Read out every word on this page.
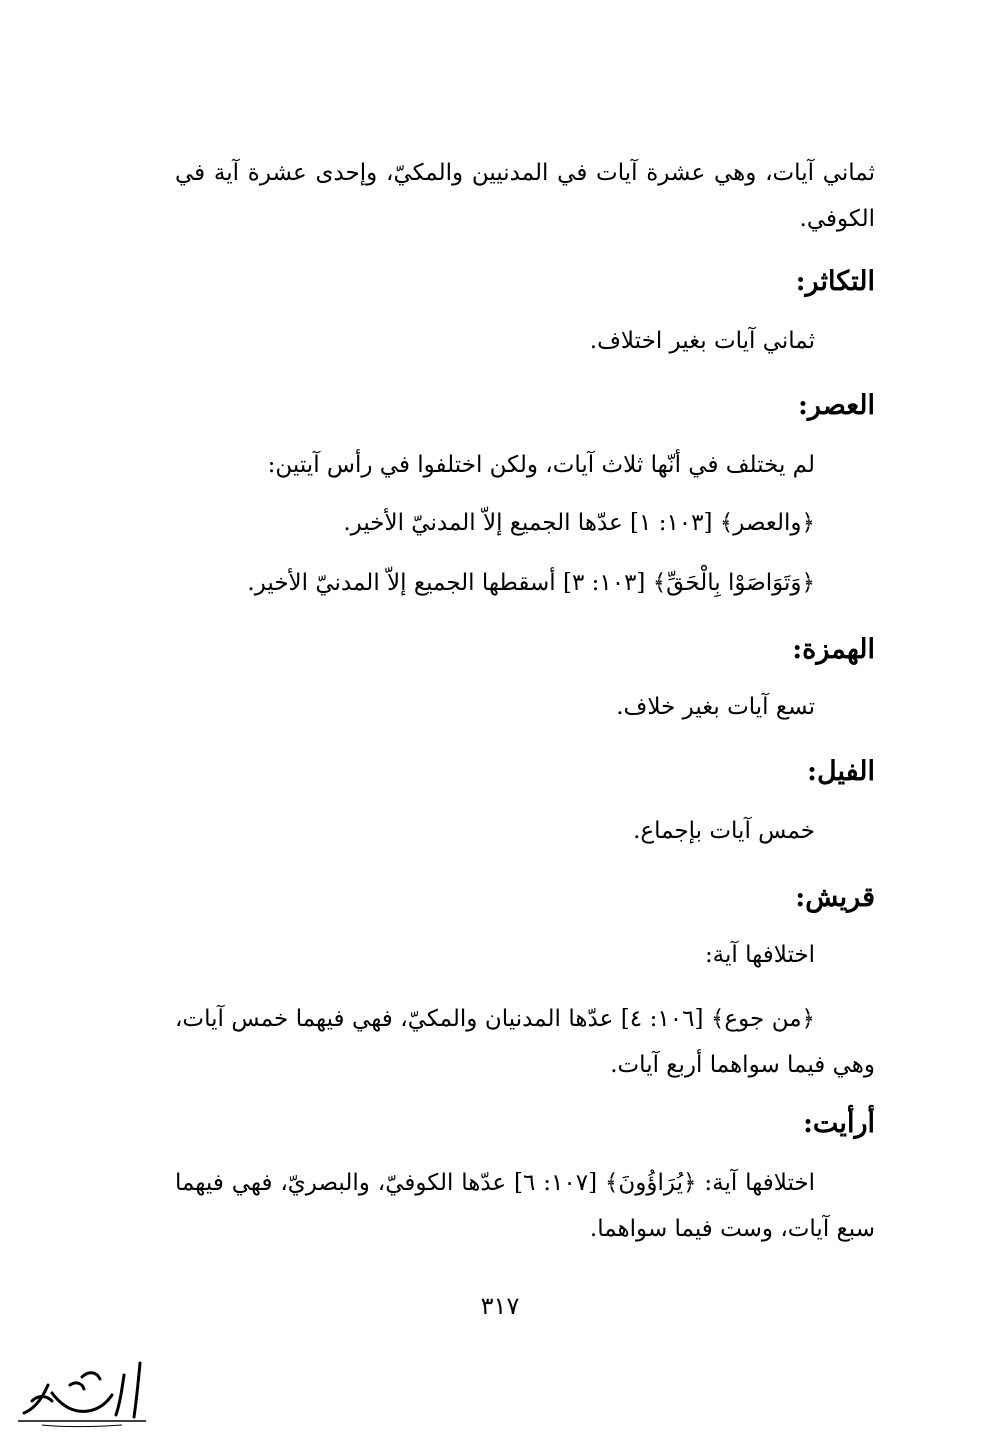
ثماني آيات، وهي عشرة آيات في المدنيين والمكيّ، وإحدى عشرة آية في الكوفي.

التكاثر:

ثماني آيات بغير اختلاف.

العصر:

لم يختلف في أنّها ثلاث آيات، ولكن اختلفوا في رأس آيتين:

﴿والعصر﴾ [١٠٣: ١] عدّها الجميع إلاّ المدنيّ الأخير.

﴿وَتَوَاصَوْا بِالْحَقِّ﴾ [١٠٣: ٣] أسقطها الجميع إلاّ المدنيّ الأخير.

الهمزة:

تسع آيات بغير خلاف.

الفيل:

خمس آيات بإجماع.

قريش:

اختلافها آية:

﴿من جوع﴾ [١٠٦: ٤] عدّها المدنيان والمكيّ، فهي فيهما خمس آيات، وهي فيما سواهما أربع آيات.

أرأيت:

اختلافها آية: ﴿يُرَاؤُونَ﴾ [١٠٧: ٦] عدّها الكوفيّ، والبصريّ، فهي فيهما سبع آيات، وست فيما سواهما.

٣١٧
